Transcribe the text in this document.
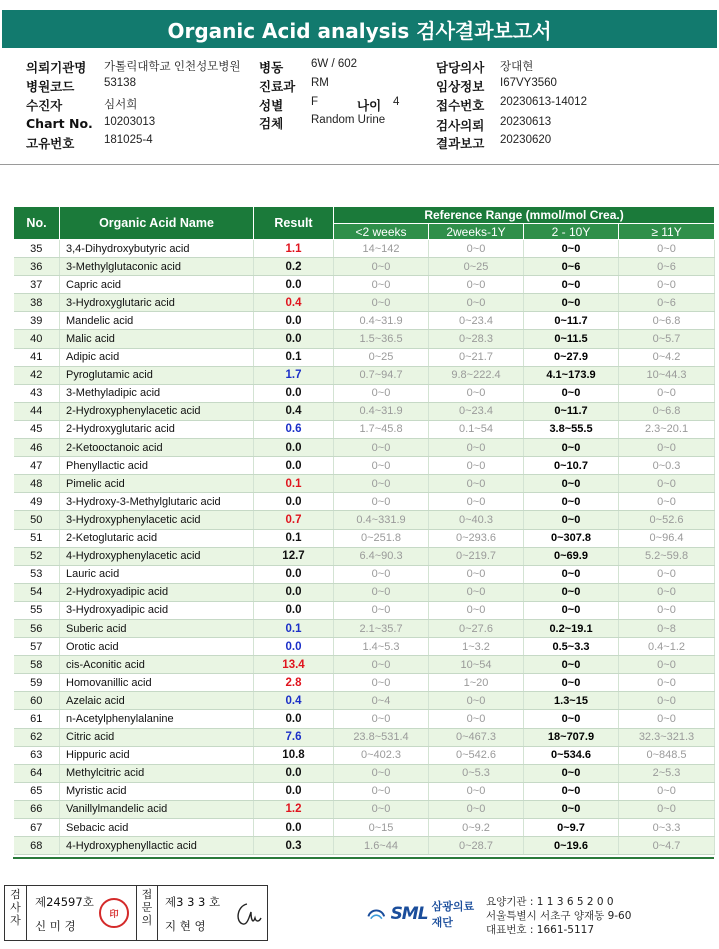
Organic Acid analysis 검사결과보고서
의뢰기관명 가톨릭대학교 인천성모병원
병원코드	53138
수진자	심서희
Chart No. 10203013
고유번호	181025-4
병동 6W / 602
진료과 RM
성별 F	나이 4
검체 Random Urine
담당의사 장대현
임상정보 I67VY3560
접수번호 20230613-14012
검사의뢰 20230613
결과보고 20230620
No.	Organic Acid Name	Result	Reference Range (mmol/mol Crea.)			
			<2 weeks	2weeks-1Y	2 - 10Y	≥ 11Y
35	3,4-Dihydroxybutyric acid	1.1	14~142	0~0	0~0	0~0
36	3-Methylglutaconic acid	0.2	0~0	0~25	0~6	0~6
37	Capric acid	0.0	0~0	0~0	0~0	0~0
38	3-Hydroxyglutaric acid	0.4	0~0	0~0	0~0	0~6
39	Mandelic acid	0.0	0.4~31.9	0~23.4	0~11.7	0~6.8
40	Malic acid	0.0	1.5~36.5	0~28.3	0~11.5	0~5.7
41	Adipic acid	0.1	0~25	0~21.7	0~27.9	0~4.2
42	Pyroglutamic acid	1.7	0.7~94.7	9.8~222.4	4.1~173.9	10~44.3
43	3-Methyladipic acid	0.0	0~0	0~0	0~0	0~0
44	2-Hydroxyphenylacetic acid	0.4	0.4~31.9	0~23.4	0~11.7	0~6.8
45	2-Hydroxyglutaric acid	0.6	1.7~45.8	0.1~54	3.8~55.5	2.3~20.1
46	2-Ketooctanoic acid	0.0	0~0	0~0	0~0	0~0
47	Phenyllactic acid	0.0	0~0	0~0	0~10.7	0~0.3
48	Pimelic acid	0.1	0~0	0~0	0~0	0~0
49	3-Hydroxy-3-Methylglutaric acid	0.0	0~0	0~0	0~0	0~0
50	3-Hydroxyphenylacetic acid	0.7	0.4~331.9	0~40.3	0~0	0~52.6
51	2-Ketoglutaric acid	0.1	0~251.8	0~293.6	0~307.8	0~96.4
52	4-Hydroxyphenylacetic acid	12.7	6.4~90.3	0~219.7	0~69.9	5.2~59.8
53	Lauric acid	0.0	0~0	0~0	0~0	0~0
54	2-Hydroxyadipic acid	0.0	0~0	0~0	0~0	0~0
55	3-Hydroxyadipic acid	0.0	0~0	0~0	0~0	0~0
56	Suberic acid	0.1	2.1~35.7	0~27.6	0.2~19.1	0~8
57	Orotic acid	0.0	1.4~5.3	1~3.2	0.5~3.3	0.4~1.2
58	cis-Aconitic acid	13.4	0~0	10~54	0~0	0~0
59	Homovanillic acid	2.8	0~0	1~20	0~0	0~0
60	Azelaic acid	0.4	0~4	0~0	1.3~15	0~0
61	n-Acetylphenylalanine	0.0	0~0	0~0	0~0	0~0
62	Citric acid	7.6	23.8~531.4	0~467.3	18~707.9	32.3~321.3
63	Hippuric acid	10.8	0~402.3	0~542.6	0~534.6	0~848.5
64	Methylcitric acid	0.0	0~0	0~5.3	0~0	2~5.3
65	Myristic acid	0.0	0~0	0~0	0~0	0~0
66	Vanillylmandelic acid	1.2	0~0	0~0	0~0	0~0
67	Sebacic acid	0.0	0~15	0~9.2	0~9.7	0~3.3
68	4-Hydroxyphenyllactic acid	0.3	1.6~44	0~28.7	0~19.6	0~4.7
검사자
제24597호
신 미 경
印
접문의
제3 3 3 호
지 현 영
SML 삼광의료재단
요양기관 : 1 1 3 6 5 2 0 0
서울특별시 서초구 양재동 9-60
대표번호 : 1661-5117
